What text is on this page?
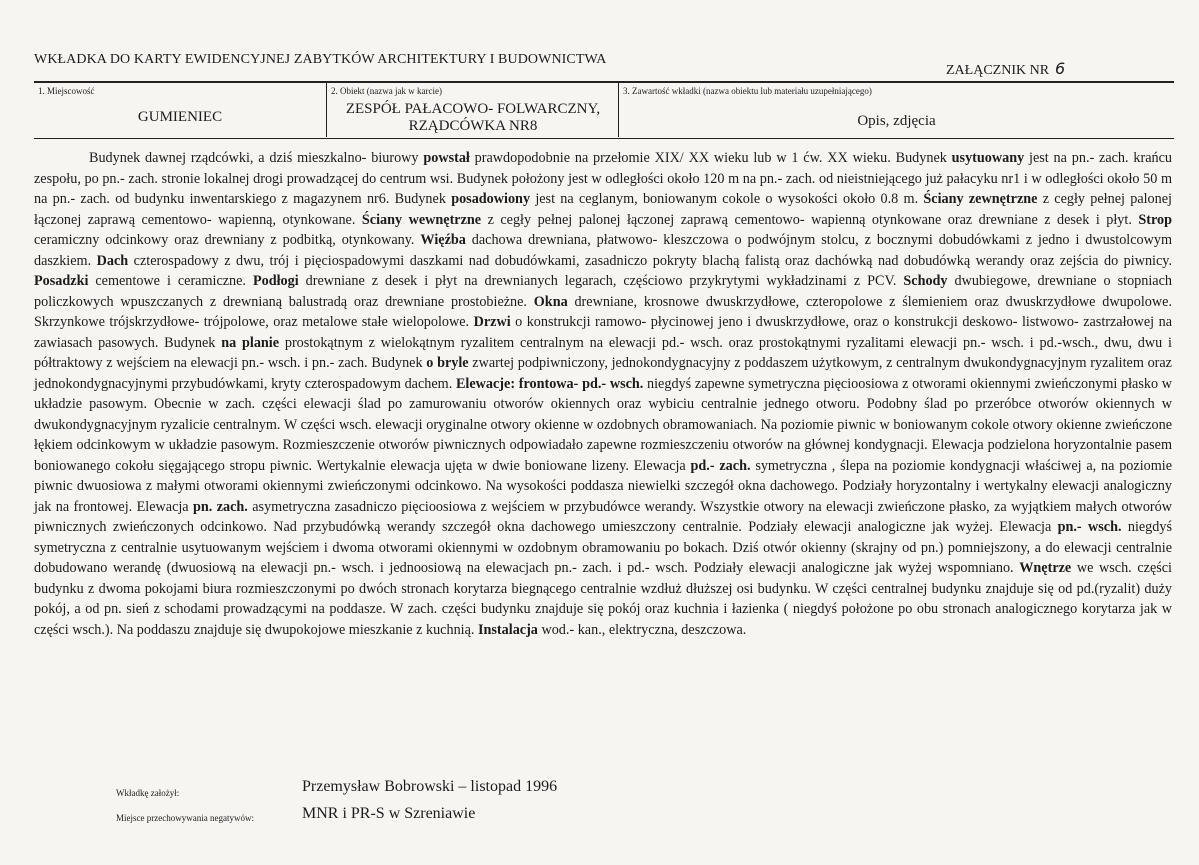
WKŁADKA DO KARTY EWIDENCYJNEJ ZABYTKÓW ARCHITEKTURY I BUDOWNICTWA
ZAŁĄCZNIK NR 6
1. Miejscowość
GUMIENIEC
2. Obiekt (nazwa jak w karcie)
ZESPÓŁ PAŁACOWO- FOLWARCZNY,
RZĄDCÓWKA NR8
3. Zawartość wkładki (nazwa obiektu lub materiału uzupełniającego)
Opis, zdjęcia

Budynek dawnej rządcówki, a dziś mieszkalno- biurowy powstał prawdopodobnie na przełomie XIX/ XX wieku lub w 1 ćw. XX wieku. Budynek usytuowany jest na pn.- zach. krańcu zespołu, po pn.- zach. stronie lokalnej drogi prowadzącej do centrum wsi. Budynek położony jest w odległości około 120 m na pn.- zach. od nieistniejącego już pałacyku nr1 i w odległości około 50 m na pn.- zach. od budynku inwentarskiego z magazynem nr6. Budynek posadowiony jest na ceglanym, boniowanym cokole o wysokości około 0.8 m. Ściany zewnętrzne z cegły pełnej palonej łączonej zaprawą cementowo- wapienną, otynkowane. Ściany wewnętrzne z cegły pełnej palonej łączonej zaprawą cementowo- wapienną otynkowane oraz drewniane z desek i płyt. Strop ceramiczny odcinkowy oraz drewniany z podbitką, otynkowany. Więźba dachowa drewniana, płatwowo- kleszczowa o podwójnym stolcu, z bocznymi dobudówkami z jedno i dwustolcowym daszkiem. Dach czterospadowy z dwu, trój i pięciospadowymi daszkami nad dobudówkami, zasadniczo pokryty blachą falistą oraz dachówką nad dobudówką werandy oraz zejścia do piwnicy. Posadzki cementowe i ceramiczne. Podłogi drewniane z desek i płyt na drewnianych legarach, częściowo przykrytymi wykładzinami z PCV. Schody dwubiegowe, drewniane o stopniach policzkowych wpuszczanych z drewnianą balustradą oraz drewniane prostobieżne. Okna drewniane, krosnowe dwuskrzydłowe, czteropolowe z ślemieniem oraz dwuskrzydłowe dwupolowe. Skrzynkowe trójskrzydłowe- trójpolowe, oraz metalowe stałe wielopolowe. Drzwi o konstrukcji ramowo- płycinowej jeno i dwuskrzydłowe, oraz o konstrukcji deskowo- listwowo- zastrzałowej na zawiasach pasowych. Budynek na planie prostokątnym z wielokątnym ryzalitem centralnym na elewacji pd.- wsch. oraz prostokątnymi ryzalitami elewacji pn.- wsch. i pd.-wsch., dwu, dwu i półtraktowy z wejściem na elewacji pn.- wsch. i pn.- zach. Budynek o bryle zwartej podpiwniczony, jednokondygnacyjny z poddaszem użytkowym, z centralnym dwukondygnacyjnym ryzalitem oraz jednokondygnacyjnymi przybudówkami, kryty czterospadowym dachem. Elewacje: frontowa- pd.- wsch. niegdyś zapewne symetryczna pięcioosiowa z otworami okiennymi zwieńczonymi płasko w układzie pasowym. Obecnie w zach. części elewacji ślad po zamurowaniu otworów okiennych oraz wybiciu centralnie jednego otworu. Podobny ślad po przeróbce otworów okiennych w dwukondygnacyjnym ryzalicie centralnym. W części wsch. elewacji oryginalne otwory okienne w ozdobnych obramowaniach. Na poziomie piwnic w boniowanym cokole otwory okienne zwieńczone łękiem odcinkowym w układzie pasowym. Rozmieszczenie otworów piwnicznych odpowiadało zapewne rozmieszczeniu otworów na głównej kondygnacji. Elewacja podzielona horyzontalnie pasem boniowanego cokołu sięgającego stropu piwnic. Wertykalnie elewacja ujęta w dwie boniowane lizeny. Elewacja pd.- zach. symetryczna , ślepa na poziomie kondygnacji właściwej a, na poziomie piwnic dwuosiowa z małymi otworami okiennymi zwieńczonymi odcinkowo. Na wysokości poddasza niewielki szczegół okna dachowego. Podziały horyzontalny i wertykalny elewacji analogiczny jak na frontowej. Elewacja pn. zach. asymetryczna zasadniczo pięcioosiowa z wejściem w przybudówce werandy. Wszystkie otwory na elewacji zwieńczone płasko, za wyjątkiem małych otworów piwnicznych zwieńczonych odcinkowo. Nad przybudówką werandy szczegół okna dachowego umieszczony centralnie. Podziały elewacji analogiczne jak wyżej. Elewacja pn.- wsch. niegdyś symetryczna z centralnie usytuowanym wejściem i dwoma otworami okiennymi w ozdobnym obramowaniu po bokach. Dziś otwór okienny (skrajny od pn.) pomniejszony, a do elewacji centralnie dobudowano werandę (dwuosiową na elewacji pn.- wsch. i jednoosiową na elewacjach pn.- zach. i pd.- wsch. Podziały elewacji analogiczne jak wyżej wspomniano. Wnętrze we wsch. części budynku z dwoma pokojami biura rozmieszczonymi po dwóch stronach korytarza biegnącego centralnie wzdłuż dłuższej osi budynku. W części centralnej budynku znajduje się od pd.(ryzalit) duży pokój, a od pn. sień z schodami prowadzącymi na poddasze. W zach. części budynku znajduje się pokój oraz kuchnia i łazienka ( niegdyś położone po obu stronach analogicznego korytarza jak w części wsch.). Na poddaszu znajduje się dwupokojowe mieszkanie z kuchnią. Instalacja wod.- kan., elektryczna, deszczowa.

Wkładkę założył:	Przemysław Bobrowski – listopad 1996
Miejsce przechowywania negatywów:	MNR i PR-S w Szreniawie
